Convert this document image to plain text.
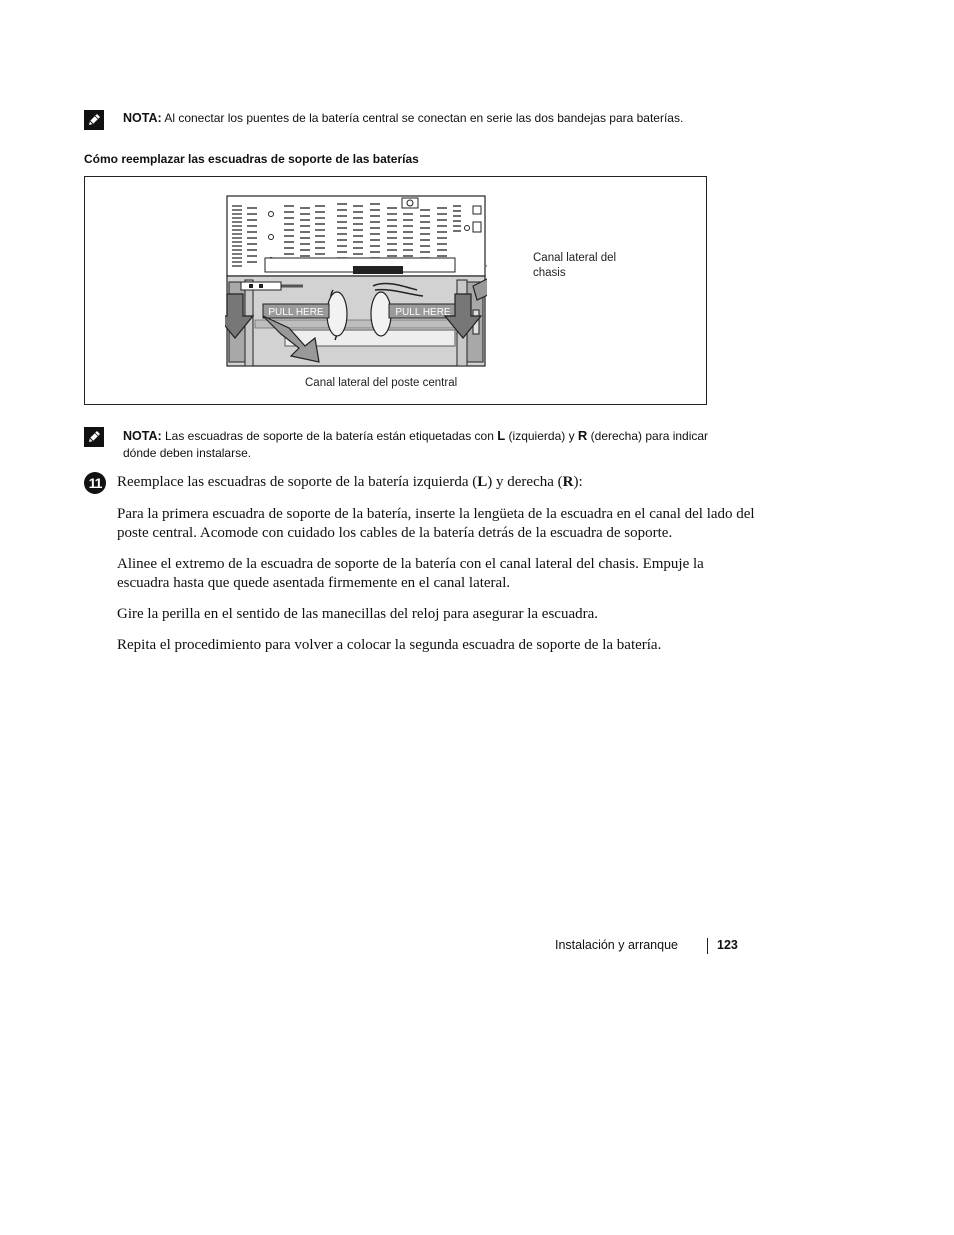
NOTA: Al conectar los puentes de la batería central se conectan en serie las dos bandejas para baterías.
Cómo reemplazar las escuadras de soporte de las baterías
PULL HERE	PULL HERE
Canal lateral del
chasis
Canal lateral del poste central
NOTA: Las escuadras de soporte de la batería están etiquetadas con L (izquierda) y R (derecha) para indicar
dónde deben instalarse.
11	Reemplace las escuadras de soporte de la batería izquierda (L) y derecha (R):
Para la primera escuadra de soporte de la batería, inserte la lengüeta de la escuadra en el canal del lado del poste central. Acomode con cuidado los cables de la batería detrás de la escuadra de soporte.
Alinee el extremo de la escuadra de soporte de la batería con el canal lateral del chasis. Empuje la escuadra hasta que quede asentada firmemente en el canal lateral.
Gire la perilla en el sentido de las manecillas del reloj para asegurar la escuadra.
Repita el procedimiento para volver a colocar la segunda escuadra de soporte de la batería.
Instalación y arranque	123
